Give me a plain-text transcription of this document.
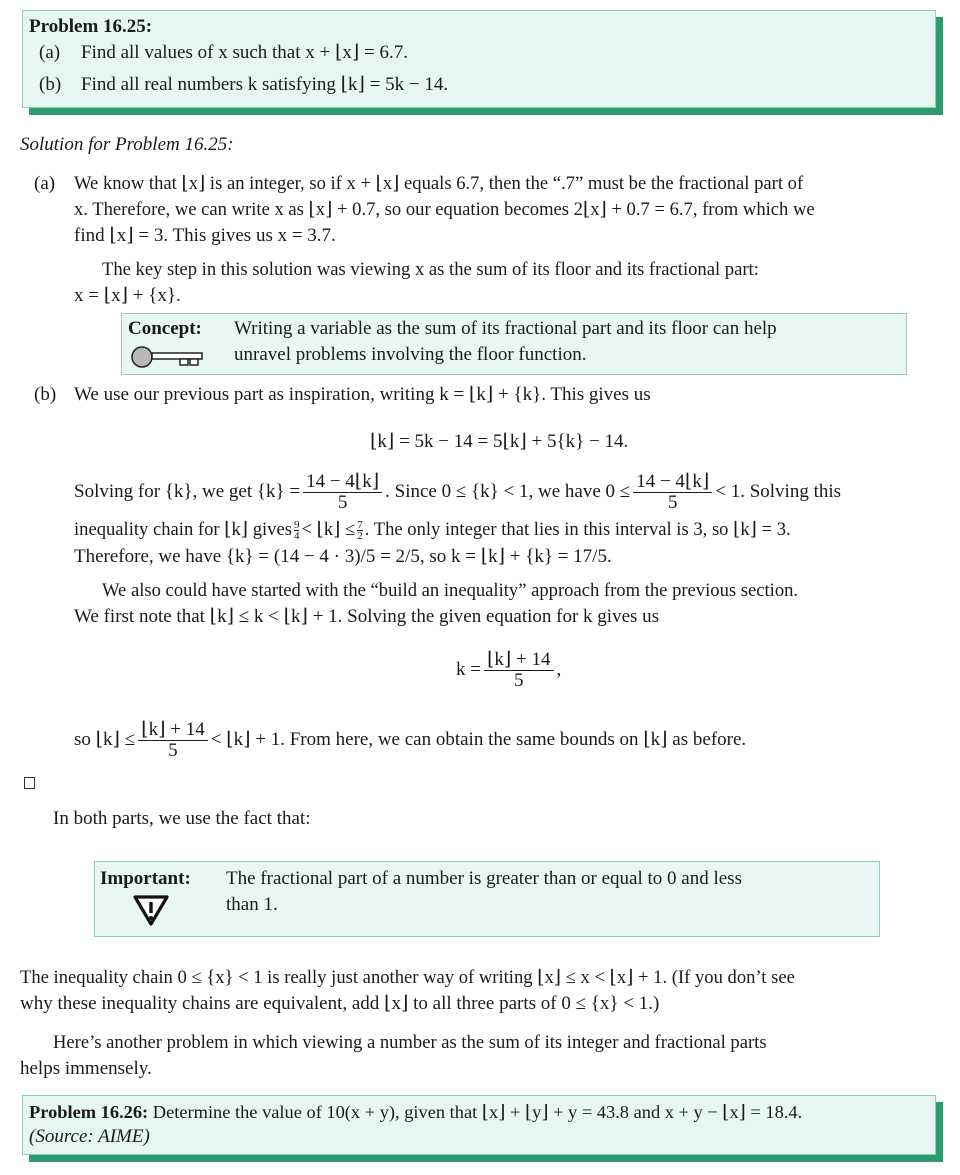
Problem 16.25:
(a) Find all values of x such that x + ⌊x⌋ = 6.7.
(b) Find all real numbers k satisfying ⌊k⌋ = 5k − 14.
Solution for Problem 16.25:
(a) We know that ⌊x⌋ is an integer, so if x + ⌊x⌋ equals 6.7, then the “.7” must be the fractional part of
x. Therefore, we can write x as ⌊x⌋ + 0.7, so our equation becomes 2⌊x⌋ + 0.7 = 6.7, from which we
find ⌊x⌋ = 3. This gives us x = 3.7.
The key step in this solution was viewing x as the sum of its floor and its fractional part:
x = ⌊x⌋ + {x}.
Concept: Writing a variable as the sum of its fractional part and its floor can help
unravel problems involving the floor function.
(b) We use our previous part as inspiration, writing k = ⌊k⌋ + {k}. This gives us
⌊k⌋ = 5k − 14 = 5⌊k⌋ + 5{k} − 14.
Solving for {k}, we get $\{k\} = \frac{14 - 4⌊k⌋}{5}$ . Since 0 ≤ {k} < 1, we have $0 \le \frac{14 - 4⌊k⌋}{5} < 1$. Solving this
inequality chain for ⌊k⌋ gives $\frac{9}{4}$ < ⌊k⌋ ≤ $\frac{7}{2}$ . The only integer that lies in this interval is 3, so ⌊k⌋ = 3.
Therefore, we have {k} = (14 − 4 · 3)/5 = 2/5, so k = ⌊k⌋ + {k} = 17/5.
We also could have started with the “build an inequality” approach from the previous section.
We first note that ⌊k⌋ ≤ k < ⌊k⌋ + 1. Solving the given equation for k gives us
$k = \frac{⌊k⌋ + 14}{5}$ ,
so ⌊k⌋ ≤ $\frac{⌊k⌋ + 14}{5}$ < ⌊k⌋ + 1. From here, we can obtain the same bounds on ⌊k⌋ as before.
In both parts, we use the fact that:
Important: The fractional part of a number is greater than or equal to 0 and less
than 1.
The inequality chain 0 ≤ {x} < 1 is really just another way of writing ⌊x⌋ ≤ x < ⌊x⌋ + 1. (If you don’t see
why these inequality chains are equivalent, add ⌊x⌋ to all three parts of 0 ≤ {x} < 1.)
Here’s another problem in which viewing a number as the sum of its integer and fractional parts
helps immensely.
Problem 16.26: Determine the value of 10(x + y), given that ⌊x⌋ + ⌊y⌋ + y = 43.8 and x + y − ⌊x⌋ = 18.4.
(Source: AIME)
